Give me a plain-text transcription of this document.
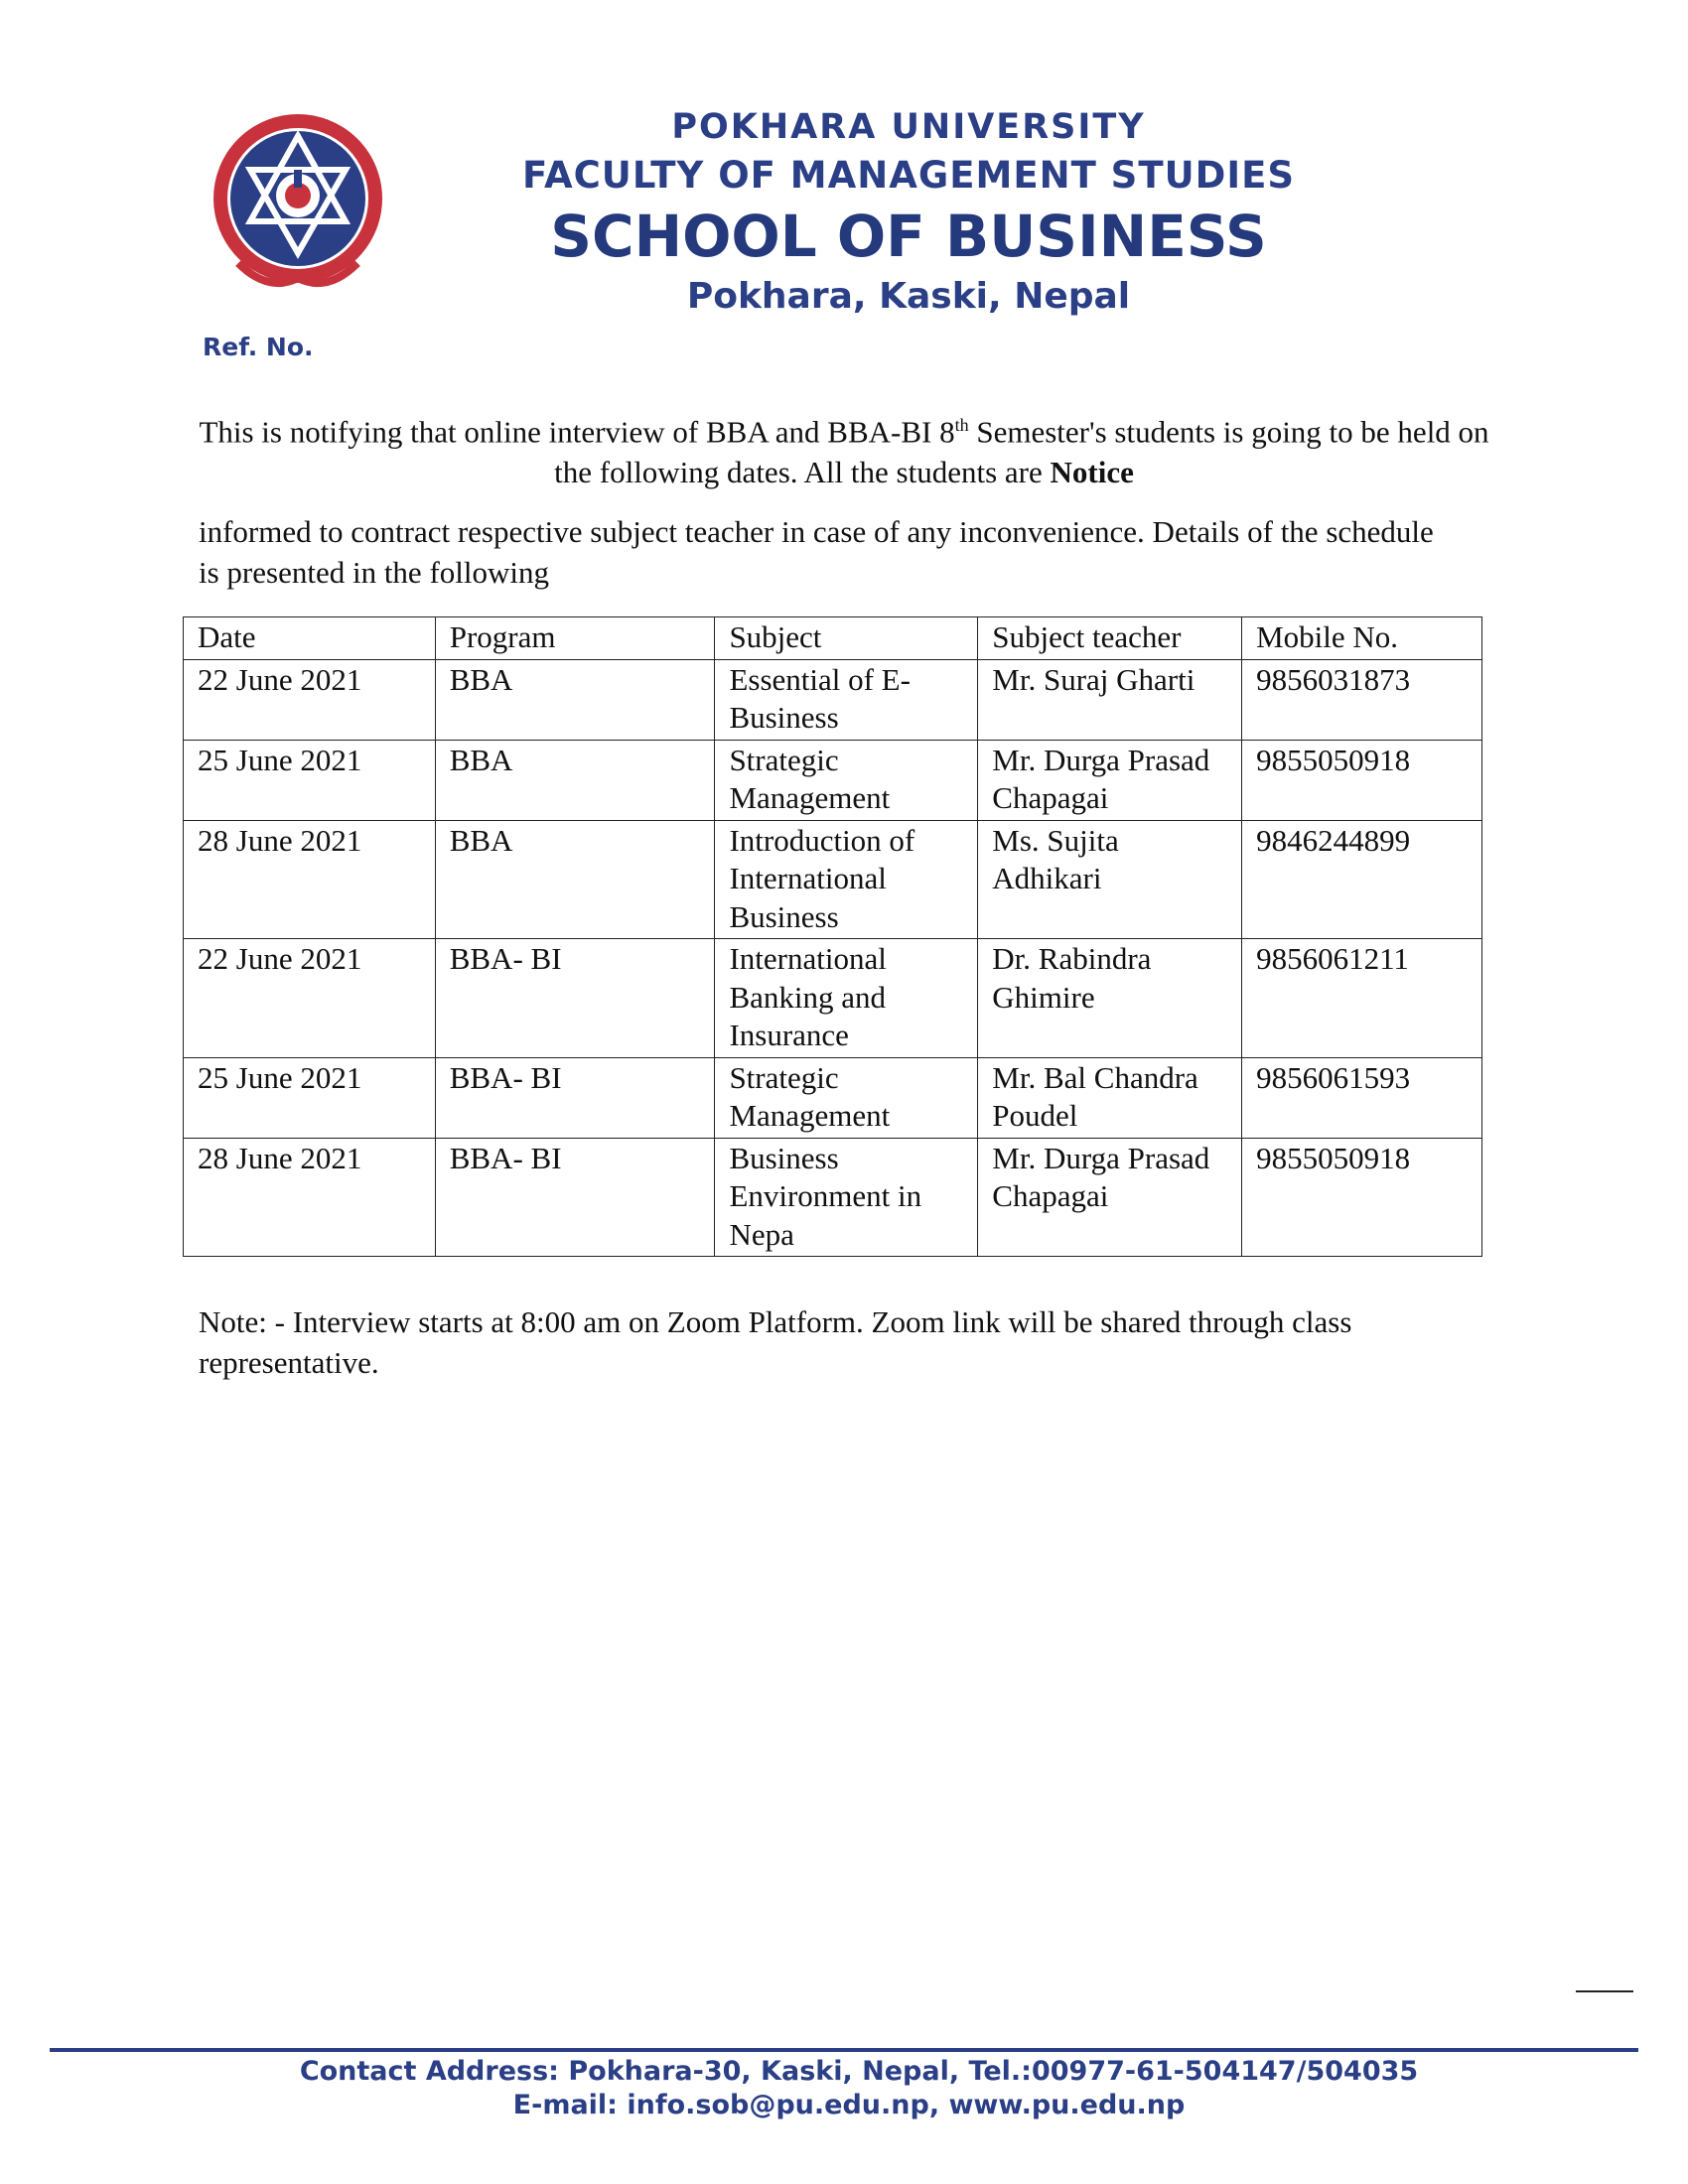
POKHARA UNIVERSITY
FACULTY OF MANAGEMENT STUDIES
SCHOOL OF BUSINESS
Pokhara, Kaski, Nepal
Ref. No.
This is notifying that online interview of BBA and BBA-BI 8th Semester's students is going to be held on the following dates. All the students are Notice
informed to contract respective subject teacher in case of any inconvenience. Details of the schedule is presented in the following
Date	Program	Subject	Subject teacher	Mobile No.
22 June 2021	BBA	Essential of E-Business	Mr. Suraj Gharti	9856031873
25 June 2021	BBA	Strategic Management	Mr. Durga Prasad Chapagai	9855050918
28 June 2021	BBA	Introduction of International Business	Ms. Sujita Adhikari	9846244899
22 June 2021	BBA- BI	International Banking and Insurance	Dr. Rabindra Ghimire	9856061211
25 June 2021	BBA- BI	Strategic Management	Mr. Bal Chandra Poudel	9856061593
28 June 2021	BBA- BI	Business Environment in Nepa	Mr. Durga Prasad Chapagai	9855050918
Note: - Interview starts at 8:00 am on Zoom Platform. Zoom link will be shared through class representative.
Contact Address: Pokhara-30, Kaski, Nepal, Tel.:00977-61-504147/504035
E-mail: info.sob@pu.edu.np, www.pu.edu.np
